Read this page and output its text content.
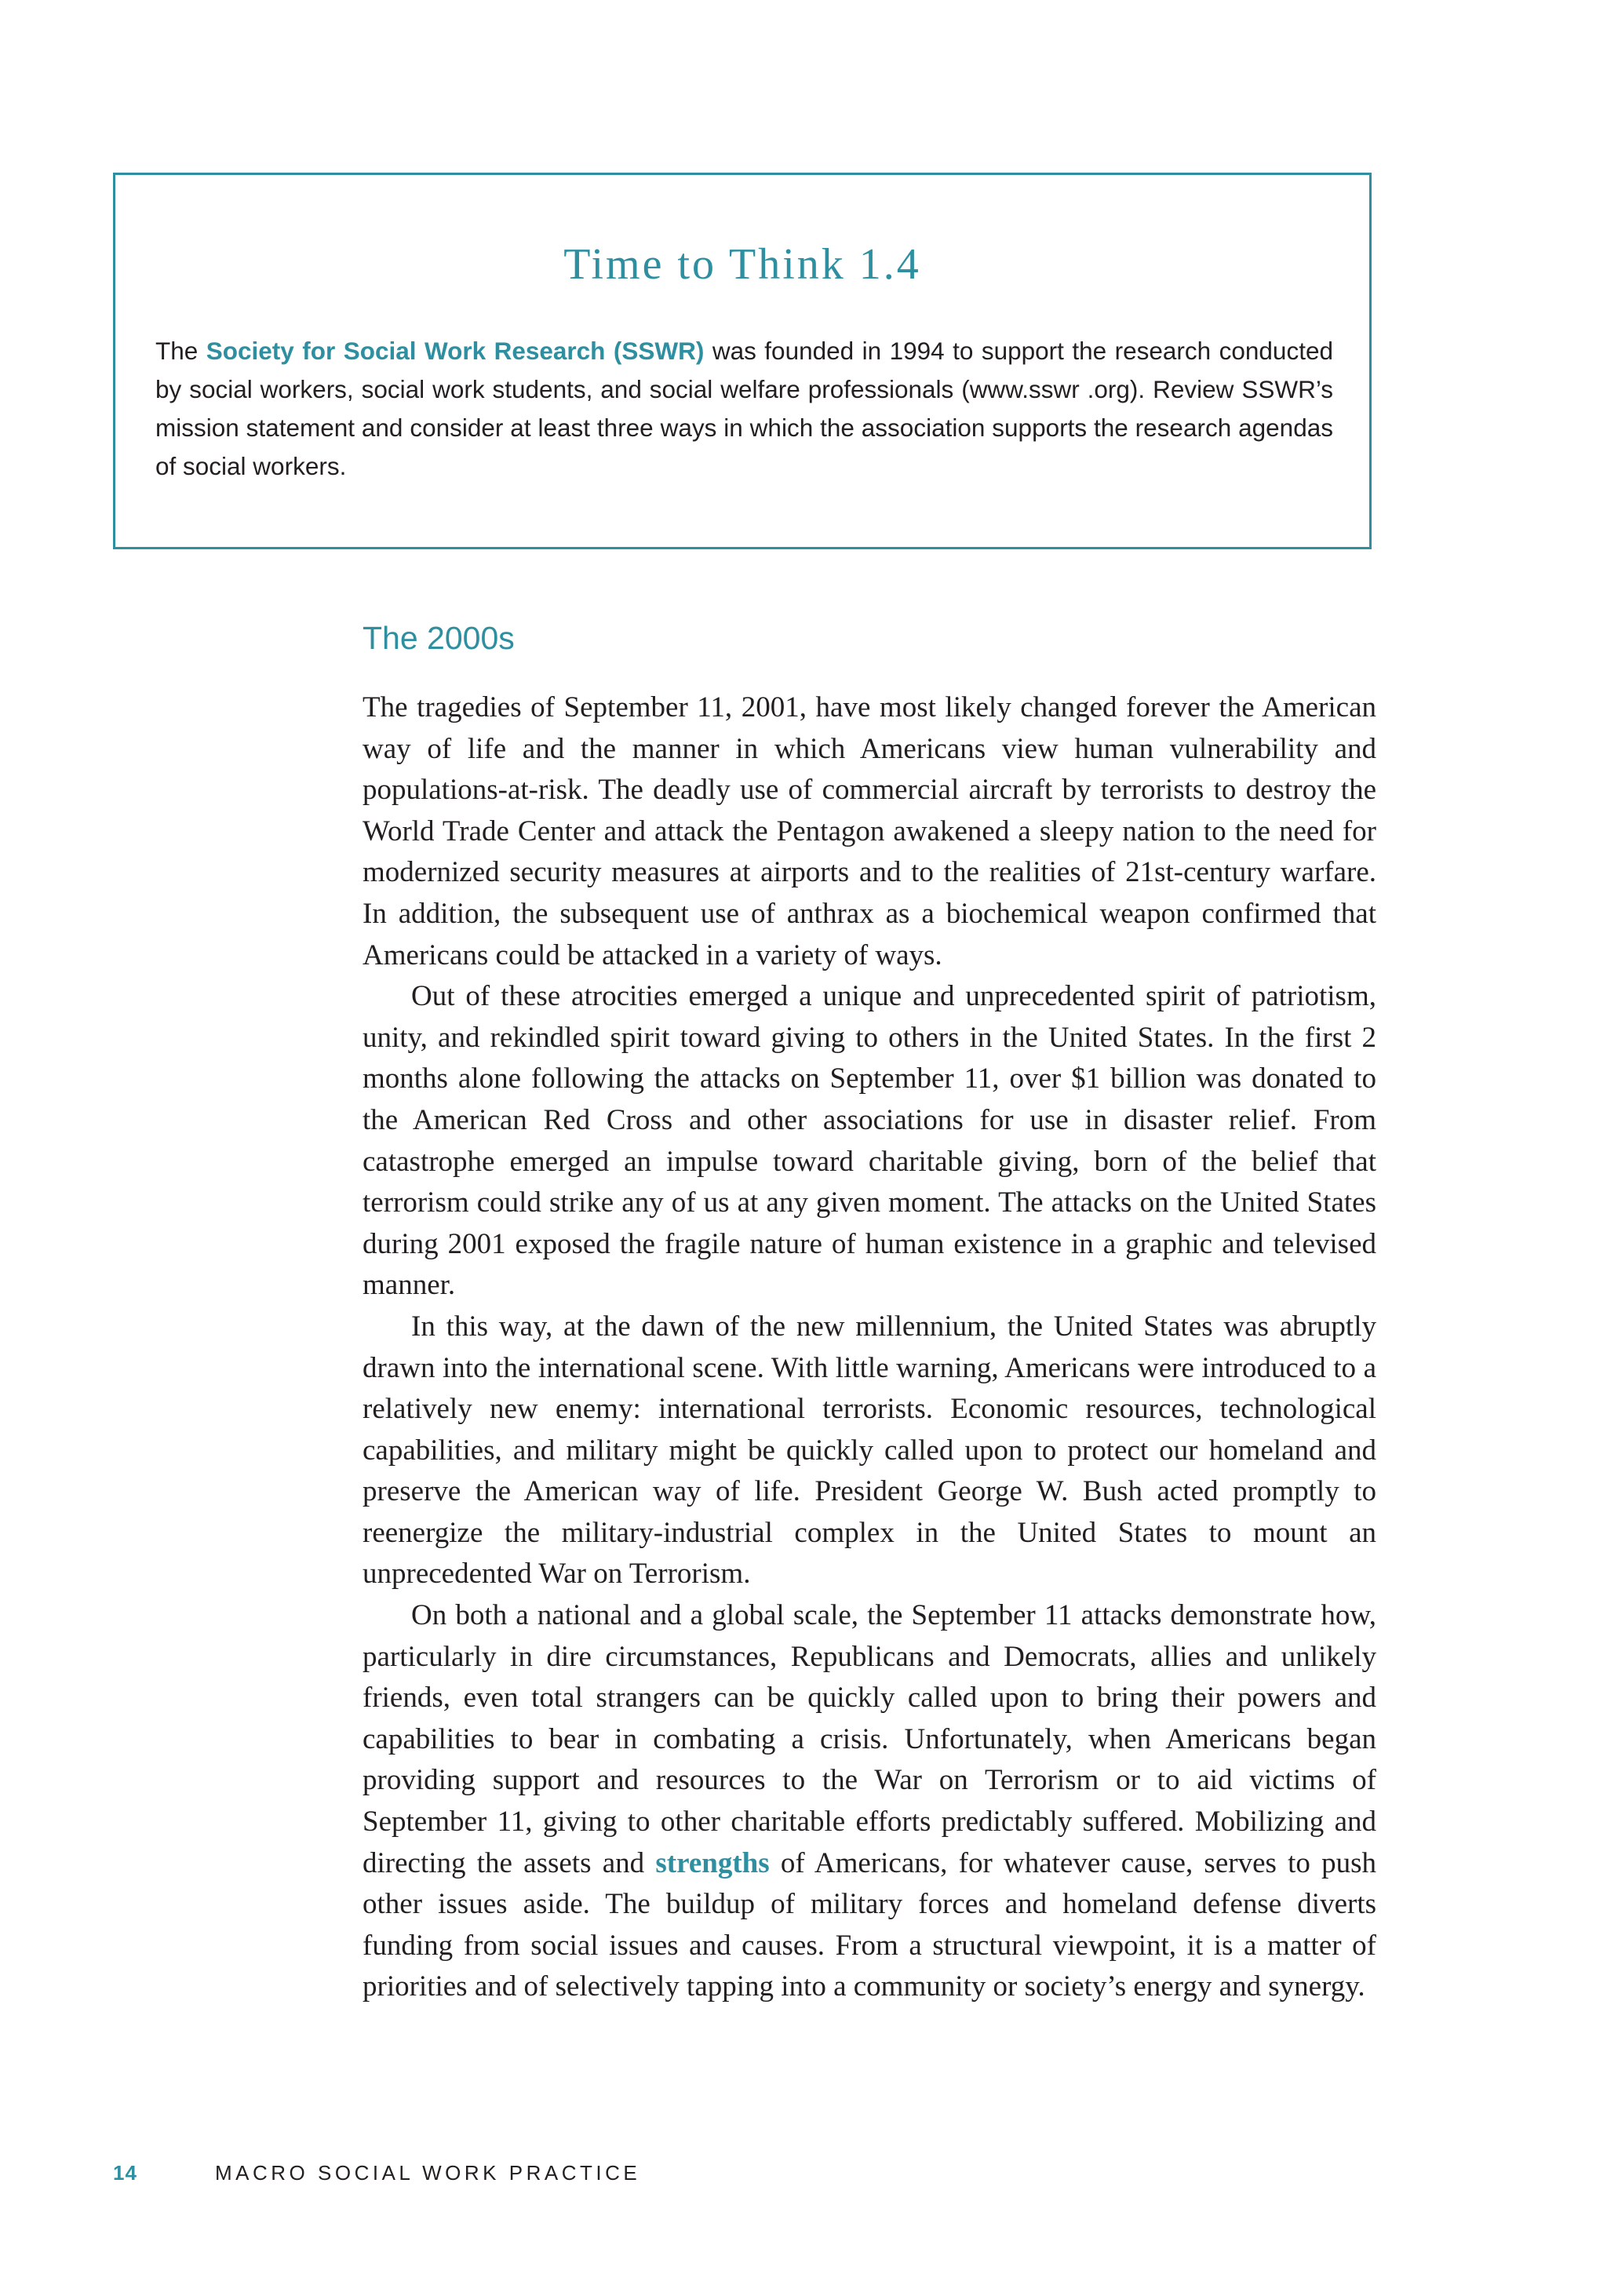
Time to Think 1.4

The Society for Social Work Research (SSWR) was founded in 1994 to support the research conducted by social workers, social work students, and social welfare professionals (www.sswr .org). Review SSWR’s mission statement and consider at least three ways in which the association supports the research agendas of social workers.

The 2000s

The tragedies of September 11, 2001, have most likely changed forever the American way of life and the manner in which Americans view human vulnerability and populations-at-risk. The deadly use of commercial aircraft by terrorists to destroy the World Trade Center and attack the Pentagon awakened a sleepy nation to the need for modernized security measures at airports and to the realities of 21st-century warfare. In addition, the subsequent use of anthrax as a biochemical weapon confirmed that Americans could be attacked in a variety of ways.

Out of these atrocities emerged a unique and unprecedented spirit of patriotism, unity, and rekindled spirit toward giving to others in the United States. In the first 2 months alone following the attacks on September 11, over $1 billion was donated to the American Red Cross and other associations for use in disaster relief. From catastrophe emerged an impulse toward charitable giving, born of the belief that terrorism could strike any of us at any given moment. The attacks on the United States during 2001 exposed the fragile nature of human existence in a graphic and televised manner.

In this way, at the dawn of the new millennium, the United States was abruptly drawn into the international scene. With little warning, Americans were introduced to a relatively new enemy: international terrorists. Economic resources, technological capabilities, and military might be quickly called upon to protect our homeland and preserve the American way of life. President George W. Bush acted promptly to reenergize the military-industrial complex in the United States to mount an unprecedented War on Terrorism.

On both a national and a global scale, the September 11 attacks demonstrate how, particularly in dire circumstances, Republicans and Democrats, allies and unlikely friends, even total strangers can be quickly called upon to bring their powers and capabilities to bear in combating a crisis. Unfortunately, when Americans began providing support and resources to the War on Terrorism or to aid victims of September 11, giving to other charitable efforts predictably suffered. Mobilizing and directing the assets and strengths of Americans, for whatever cause, serves to push other issues aside. The buildup of military forces and homeland defense diverts funding from social issues and causes. From a structural viewpoint, it is a matter of priorities and of selectively tapping into a community or society’s energy and synergy.

14	MACRO SOCIAL WORK PRACTICE
